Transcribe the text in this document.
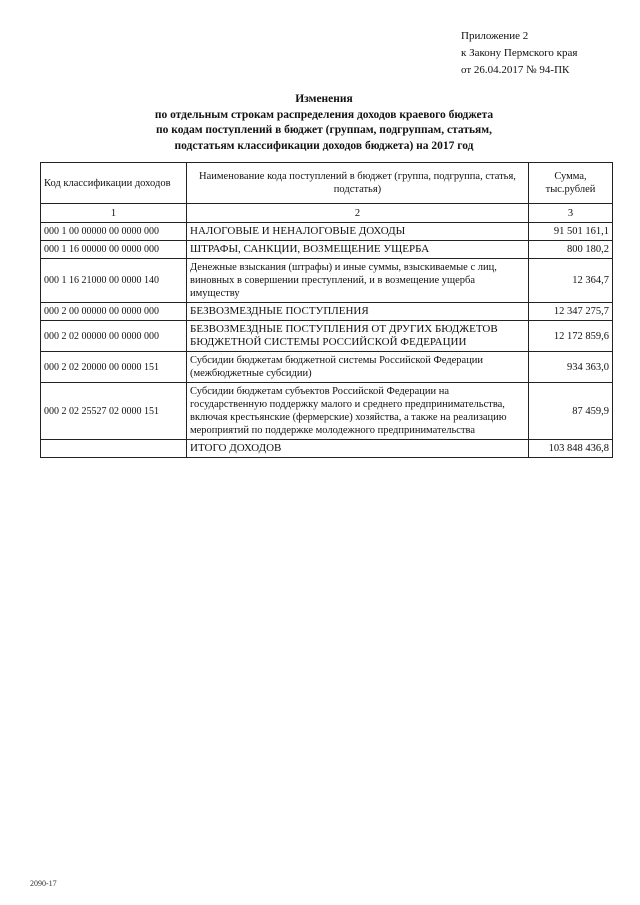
Приложение 2
к Закону Пермского края
от 26.04.2017 № 94-ПК
Изменения
по отдельным строкам распределения доходов краевого бюджета
по кодам поступлений в бюджет (группам, подгруппам, статьям,
подстатьям классификации доходов бюджета) на 2017 год
Код классификации доходов	Наименование кода поступлений в бюджет (группа, подгруппа, статья, подстатья)	Сумма, тыс.рублей
1	2	3
000 1 00 00000 00 0000 000	НАЛОГОВЫЕ И НЕНАЛОГОВЫЕ ДОХОДЫ	91 501 161,1
000 1 16 00000 00 0000 000	ШТРАФЫ, САНКЦИИ, ВОЗМЕЩЕНИЕ УЩЕРБА	800 180,2
000 1 16 21000 00 0000 140	Денежные взыскания (штрафы) и иные суммы, взыскиваемые с лиц, виновных в совершении преступлений, и в возмещение ущерба имуществу	12 364,7
000 2 00 00000 00 0000 000	БЕЗВОЗМЕЗДНЫЕ ПОСТУПЛЕНИЯ	12 347 275,7
000 2 02 00000 00 0000 000	БЕЗВОЗМЕЗДНЫЕ ПОСТУПЛЕНИЯ ОТ ДРУГИХ БЮДЖЕТОВ БЮДЖЕТНОЙ СИСТЕМЫ РОССИЙСКОЙ ФЕДЕРАЦИИ	12 172 859,6
000 2 02 20000 00 0000 151	Субсидии бюджетам бюджетной системы Российской Федерации (межбюджетные субсидии)	934 363,0
000 2 02 25527 02 0000 151	Субсидии бюджетам субъектов Российской Федерации на государственную поддержку малого и среднего предпринимательства, включая крестьянские (фермерские) хозяйства, а также на реализацию мероприятий по поддержке молодежного предпринимательства	87 459,9
	ИТОГО ДОХОДОВ	103 848 436,8
2090-17
